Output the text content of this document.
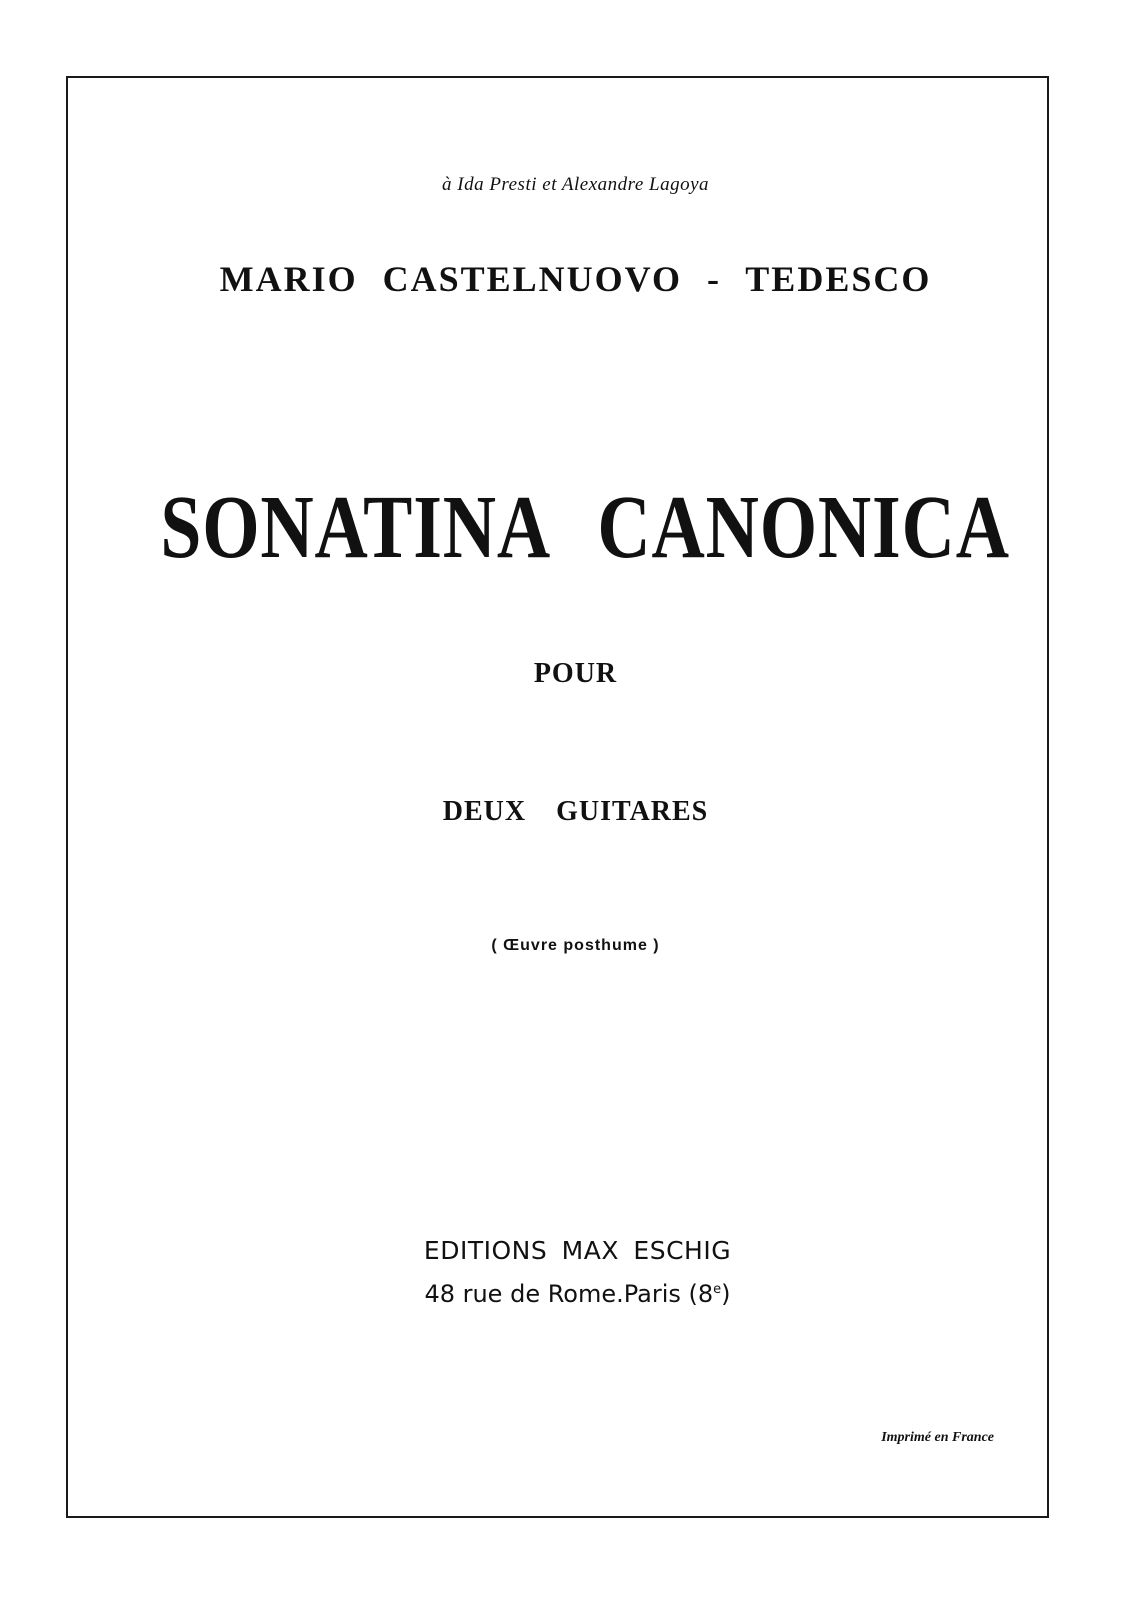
à Ida Presti et Alexandre Lagoya

MARIO CASTELNUOVO - TEDESCO
SONATINA CANONICA

POUR

DEUX GUITARES

( Œuvre posthume )

EDITIONS MAX ESCHIG

48 rue de Rome.Paris (8e)

Imprimé en France
